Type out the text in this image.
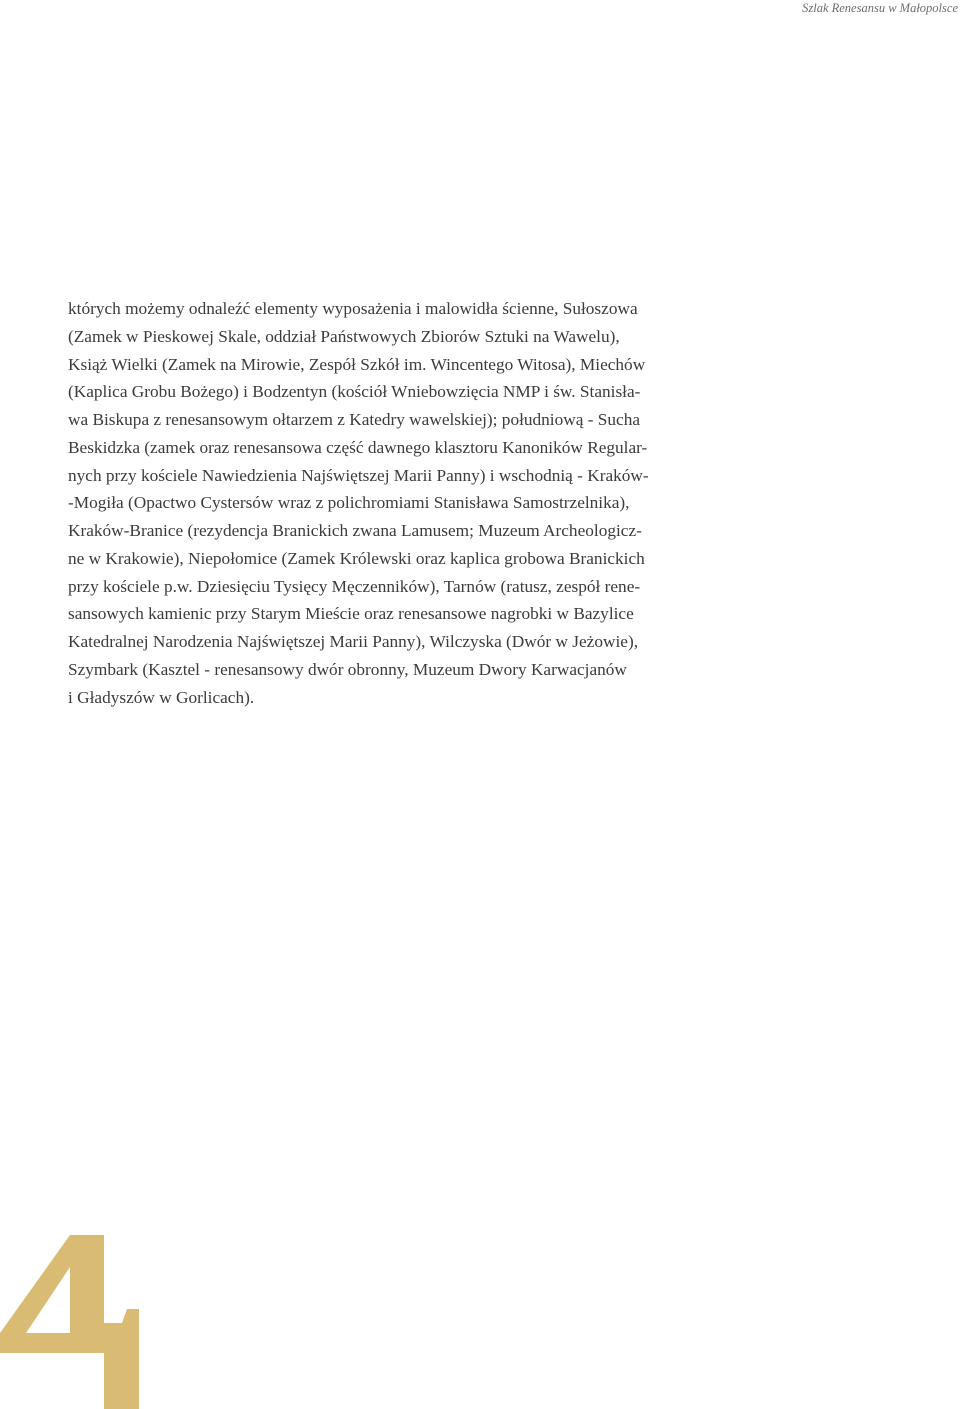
Szlak Renesansu w Małopolsce
których możemy odnaleźć elementy wyposażenia i malowidła ścienne, Sułoszowa
(Zamek w Pieskowej Skale, oddział Państwowych Zbiorów Sztuki na Wawelu),
Książ Wielki (Zamek na Mirowie, Zespół Szkół im. Wincentego Witosa), Miechów
(Kaplica Grobu Bożego) i Bodzentyn (kościół Wniebowzięcia NMP i św. Stanisła-
wa Biskupa z renesansowym ołtarzem z Katedry wawelskiej); południową - Sucha
Beskidzka (zamek oraz renesansowa część dawnego klasztoru Kanoników Regular-
nych przy kościele Nawiedzienia Najświętszej Marii Panny) i wschodnią - Kraków-
-Mogiła (Opactwo Cystersów wraz z polichromiami Stanisława Samostrzelnika),
Kraków-Branice (rezydencja Branickich zwana Lamusem; Muzeum Archeologicz-
ne w Krakowie), Niepołomice (Zamek Królewski oraz kaplica grobowa Branickich
przy kościele p.w. Dziesięciu Tysięcy Męczenników), Tarnów (ratusz, zespół rene-
sansowych kamienic przy Starym Mieście oraz renesansowe nagrobki w Bazylice
Katedralnej Narodzenia Najświętszej Marii Panny), Wilczyska (Dwór w Jeżowie),
Szymbark (Kasztel - renesansowy dwór obronny, Muzeum Dwory Karwacjanów
i Gładyszów w Gorlicach).
